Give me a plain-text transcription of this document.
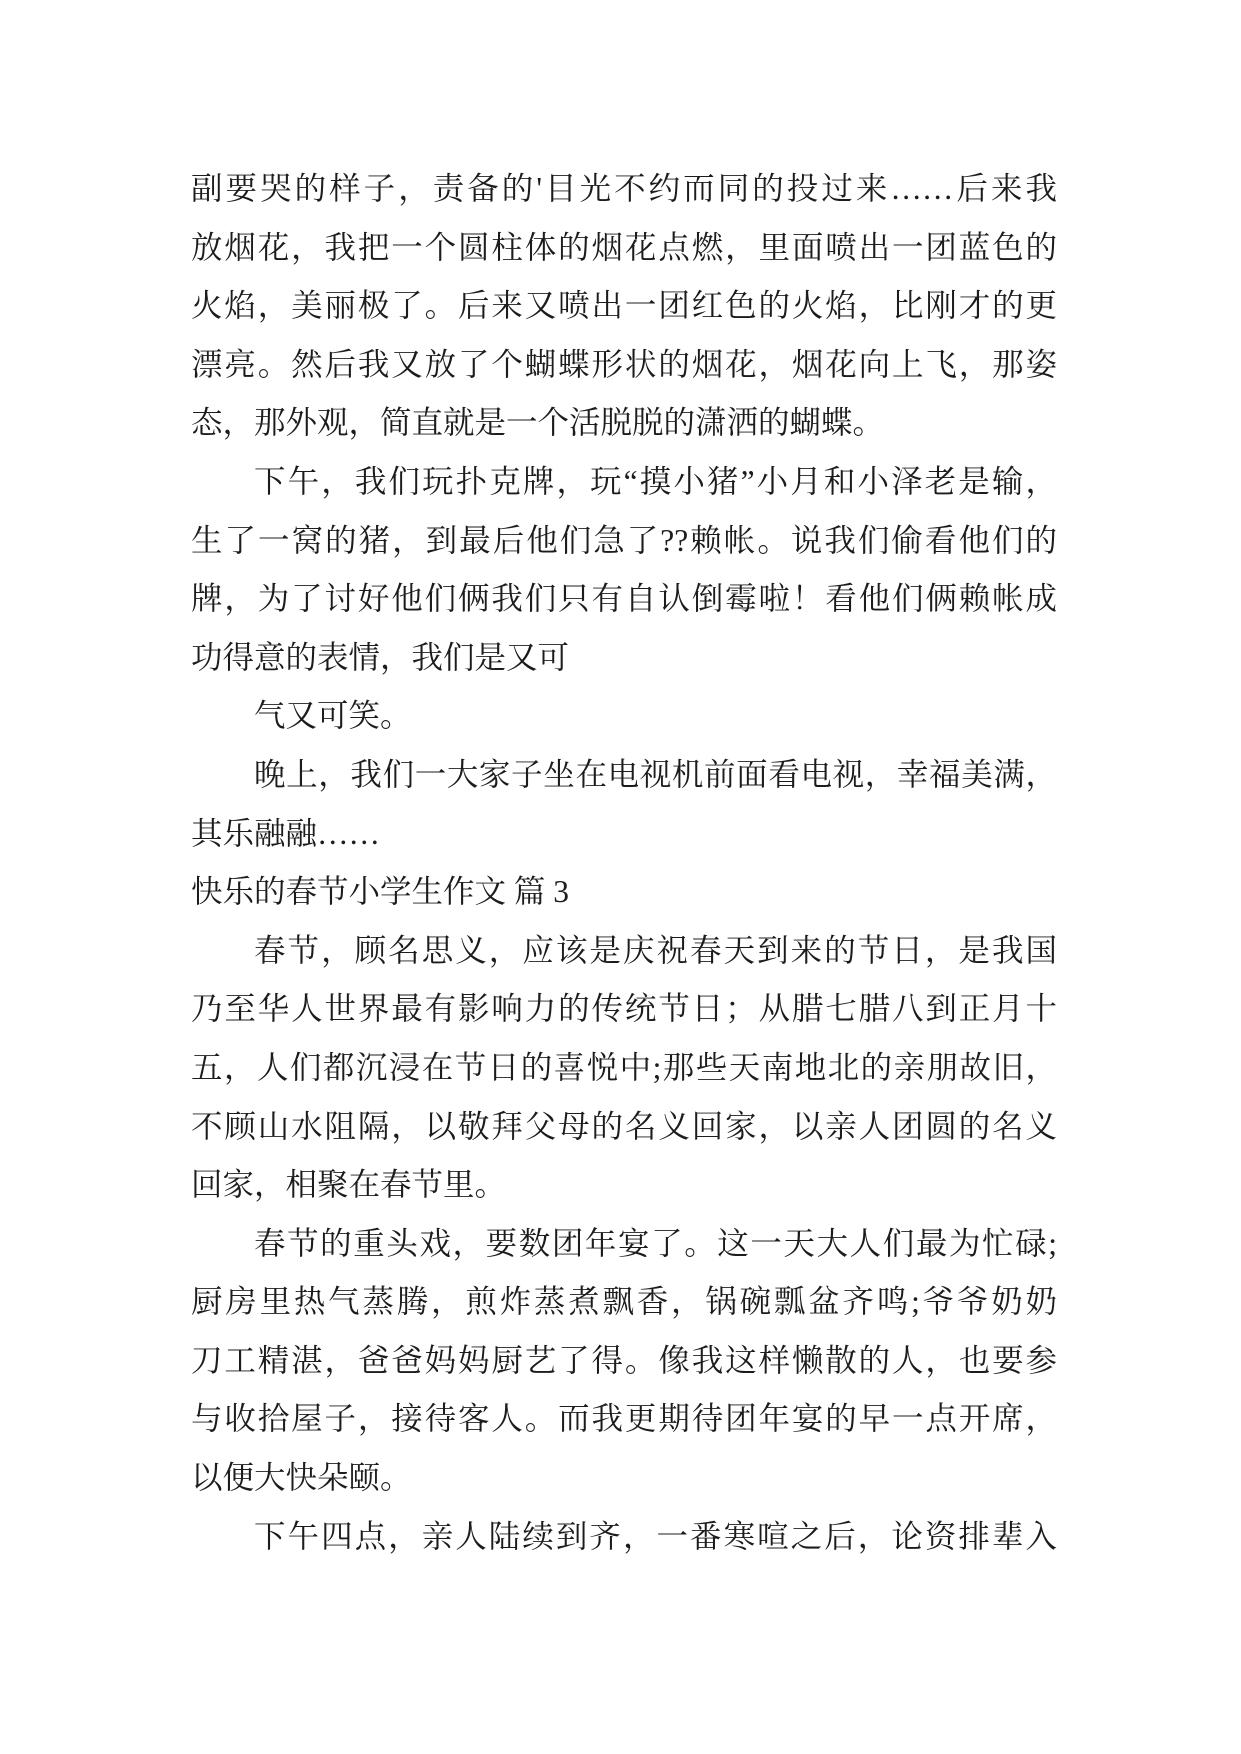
副要哭的样子，责备的'目光不约而同的投过来……后来我
放烟花，我把一个圆柱体的烟花点燃，里面喷出一团蓝色的
火焰，美丽极了。后来又喷出一团红色的火焰，比刚才的更
漂亮。然后我又放了个蝴蝶形状的烟花，烟花向上飞，那姿
态，那外观，简直就是一个活脱脱的潇洒的蝴蝶。
下午，我们玩扑克牌，玩“摸小猪”小月和小泽老是输，
生了一窝的猪，到最后他们急了??赖帐。说我们偷看他们的
牌，为了讨好他们俩我们只有自认倒霉啦！看他们俩赖帐成
功得意的表情，我们是又可
气又可笑。
晚上，我们一大家子坐在电视机前面看电视，幸福美满，
其乐融融……
快乐的春节小学生作文 篇 3
春节，顾名思义，应该是庆祝春天到来的节日，是我国
乃至华人世界最有影响力的传统节日；从腊七腊八到正月十
五，人们都沉浸在节日的喜悦中;那些天南地北的亲朋故旧，
不顾山水阻隔，以敬拜父母的名义回家，以亲人团圆的名义
回家，相聚在春节里。
春节的重头戏，要数团年宴了。这一天大人们最为忙碌;
厨房里热气蒸腾，煎炸蒸煮飘香，锅碗瓢盆齐鸣;爷爷奶奶
刀工精湛，爸爸妈妈厨艺了得。像我这样懒散的人，也要参
与收拾屋子，接待客人。而我更期待团年宴的早一点开席，
以便大快朵颐。
下午四点，亲人陆续到齐，一番寒喧之后，论资排辈入
